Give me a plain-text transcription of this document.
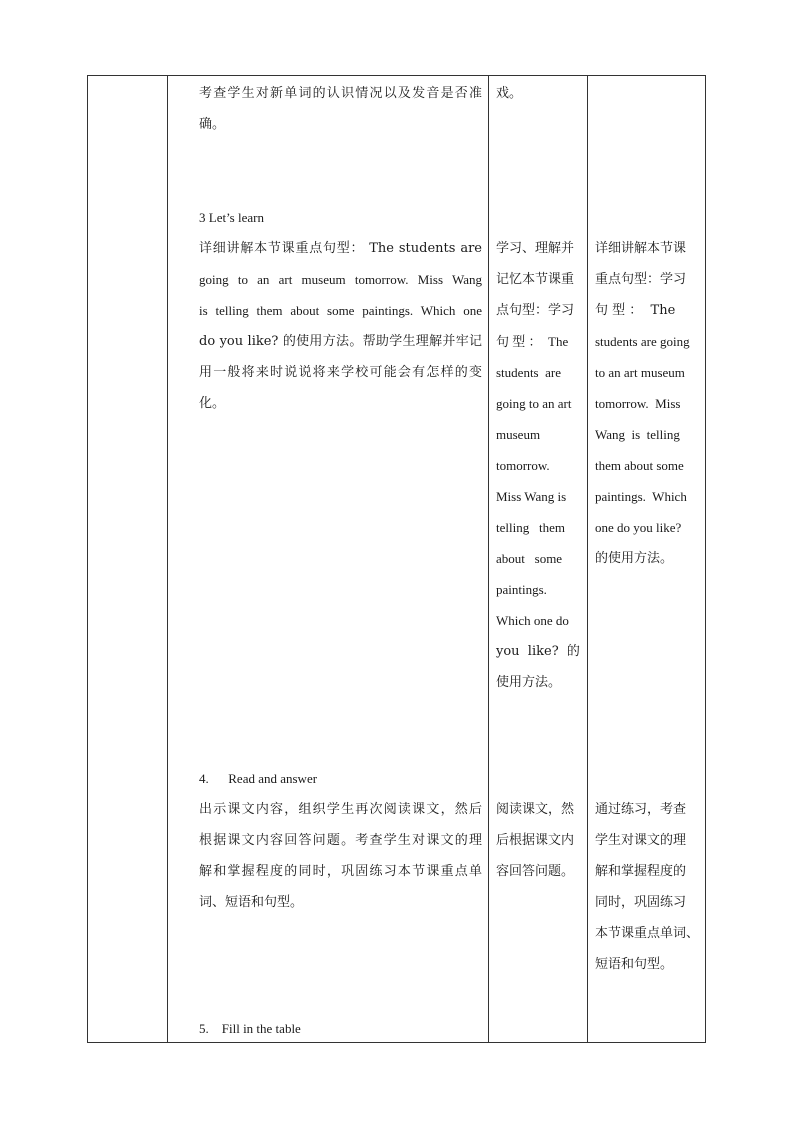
考查学生对新单词的认识情况以及发音是否准
确。
戏。
3 Let’s learn
详细讲解本节课重点句型： The students are
going to an art museum tomorrow. Miss Wang
is telling them about some paintings. Which one
do you like? 的使用方法。帮助学生理解并牢记
用一般将来时说说将来学校可能会有怎样的变
化。
学习、理解并
记忆本节课重
点句型：学习
句 型 ：  The
students  are
going to an art
museum
tomorrow.
Miss Wang is
telling   them
about   some
paintings.
Which one do
you  like?  的
使用方法。
详细讲解本节课
重点句型：学习
句 型 ：  The
students are going
to an art museum
tomorrow.  Miss
Wang  is  telling
them about some
paintings.  Which
one do you like?
的使用方法。
4.      Read and answer
出示课文内容，组织学生再次阅读课文，然后
根据课文内容回答问题。考查学生对课文的理
解和掌握程度的同时，巩固练习本节课重点单
词、短语和句型。
阅读课文，然
后根据课文内
容回答问题。
通过练习，考查
学生对课文的理
解和掌握程度的
同时，巩固练习
本节课重点单词、
短语和句型。
5.    Fill in the table
